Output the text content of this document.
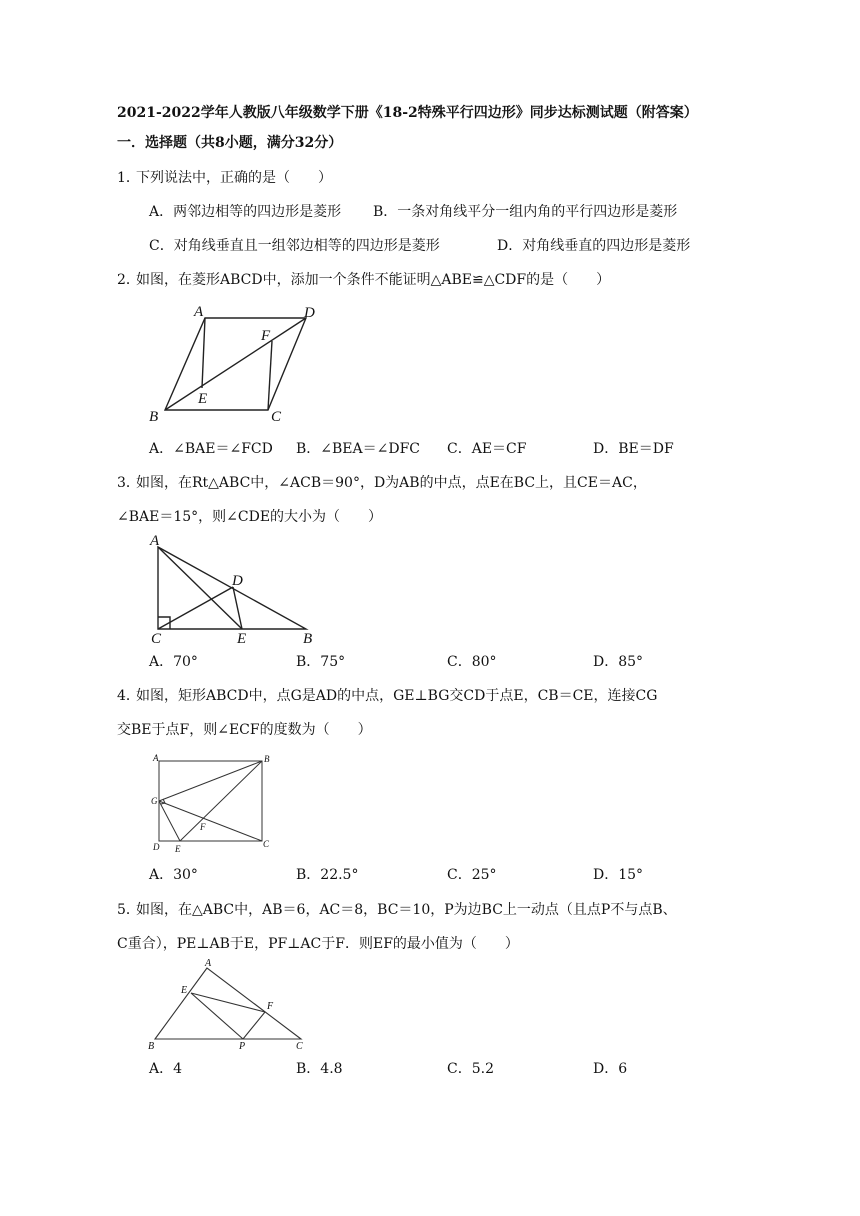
2021-2022学年人教版八年级数学下册《18-2特殊平行四边形》同步达标测试题（附答案）
一．选择题（共8小题，满分32分）
1．
下列说法中，正确的是（　　）
A．两邻边相等的四边形是菱形 B．一条对角线平分一组内角的平行四边形是菱形
C．对角线垂直且一组邻边相等的四边形是菱形	D．对角线垂直的四边形是菱形
2．
如图，在菱形ABCD中，添加一个条件不能证明△ABE≌△CDF的是（　　）
A	D
F
E
B	C
A．∠BAE＝∠FCD B．∠BEA＝∠DFC C．AE＝CF	D．BE＝DF
3．
如图，在Rt△ABC中，∠ACB＝90°，D为AB的中点，点E在BC上，且CE＝AC，
∠BAE＝15°，则∠CDE的大小为（　　）
A
D
C	E	B
A．70°	B．75°	C．80°	D．85°
4．
如图，矩形ABCD中，点G是AD的中点，GE⊥BG交CD于点E，CB＝CE，连接CG
交BE于点F，则∠ECF的度数为（　　）
A	B
G
F
D E	C
A．30°	B．22.5°	C．25°	D．15°
5．
如图，在△ABC中，AB＝6，AC＝8，BC＝10，P为边BC上一动点（且点P不与点B、
C重合），PE⊥AB于E，PF⊥AC于F．则EF的最小值为（　　）
A
E
F
B	P	C
A．4	B．4.8	C．5.2	D．6
